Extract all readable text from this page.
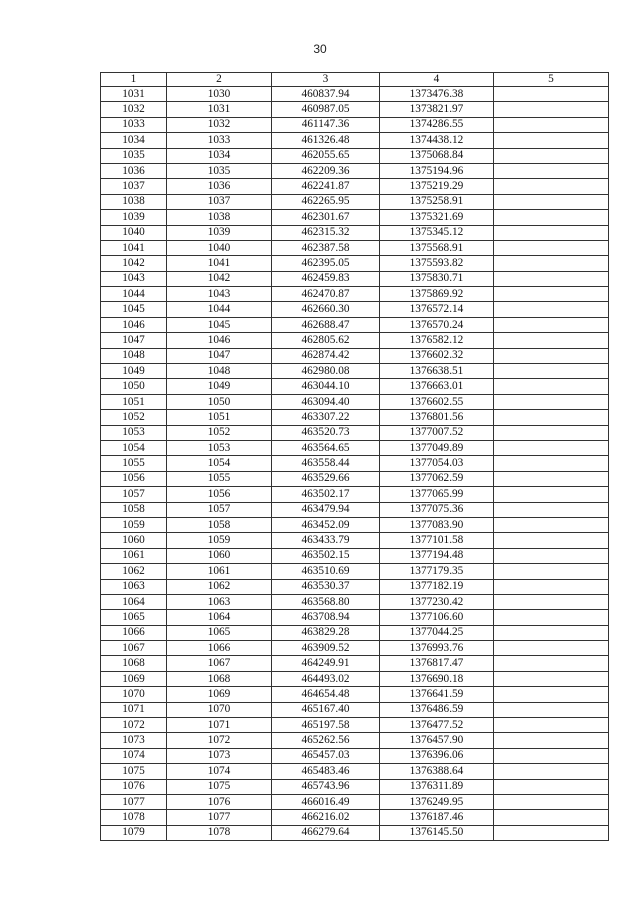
30
1	2	3	4	5
1031	1030	460837.94	1373476.38	
1032	1031	460987.05	1373821.97	
1033	1032	461147.36	1374286.55	
1034	1033	461326.48	1374438.12	
1035	1034	462055.65	1375068.84	
1036	1035	462209.36	1375194.96	
1037	1036	462241.87	1375219.29	
1038	1037	462265.95	1375258.91	
1039	1038	462301.67	1375321.69	
1040	1039	462315.32	1375345.12	
1041	1040	462387.58	1375568.91	
1042	1041	462395.05	1375593.82	
1043	1042	462459.83	1375830.71	
1044	1043	462470.87	1375869.92	
1045	1044	462660.30	1376572.14	
1046	1045	462688.47	1376570.24	
1047	1046	462805.62	1376582.12	
1048	1047	462874.42	1376602.32	
1049	1048	462980.08	1376638.51	
1050	1049	463044.10	1376663.01	
1051	1050	463094.40	1376602.55	
1052	1051	463307.22	1376801.56	
1053	1052	463520.73	1377007.52	
1054	1053	463564.65	1377049.89	
1055	1054	463558.44	1377054.03	
1056	1055	463529.66	1377062.59	
1057	1056	463502.17	1377065.99	
1058	1057	463479.94	1377075.36	
1059	1058	463452.09	1377083.90	
1060	1059	463433.79	1377101.58	
1061	1060	463502.15	1377194.48	
1062	1061	463510.69	1377179.35	
1063	1062	463530.37	1377182.19	
1064	1063	463568.80	1377230.42	
1065	1064	463708.94	1377106.60	
1066	1065	463829.28	1377044.25	
1067	1066	463909.52	1376993.76	
1068	1067	464249.91	1376817.47	
1069	1068	464493.02	1376690.18	
1070	1069	464654.48	1376641.59	
1071	1070	465167.40	1376486.59	
1072	1071	465197.58	1376477.52	
1073	1072	465262.56	1376457.90	
1074	1073	465457.03	1376396.06	
1075	1074	465483.46	1376388.64	
1076	1075	465743.96	1376311.89	
1077	1076	466016.49	1376249.95	
1078	1077	466216.02	1376187.46	
1079	1078	466279.64	1376145.50	
